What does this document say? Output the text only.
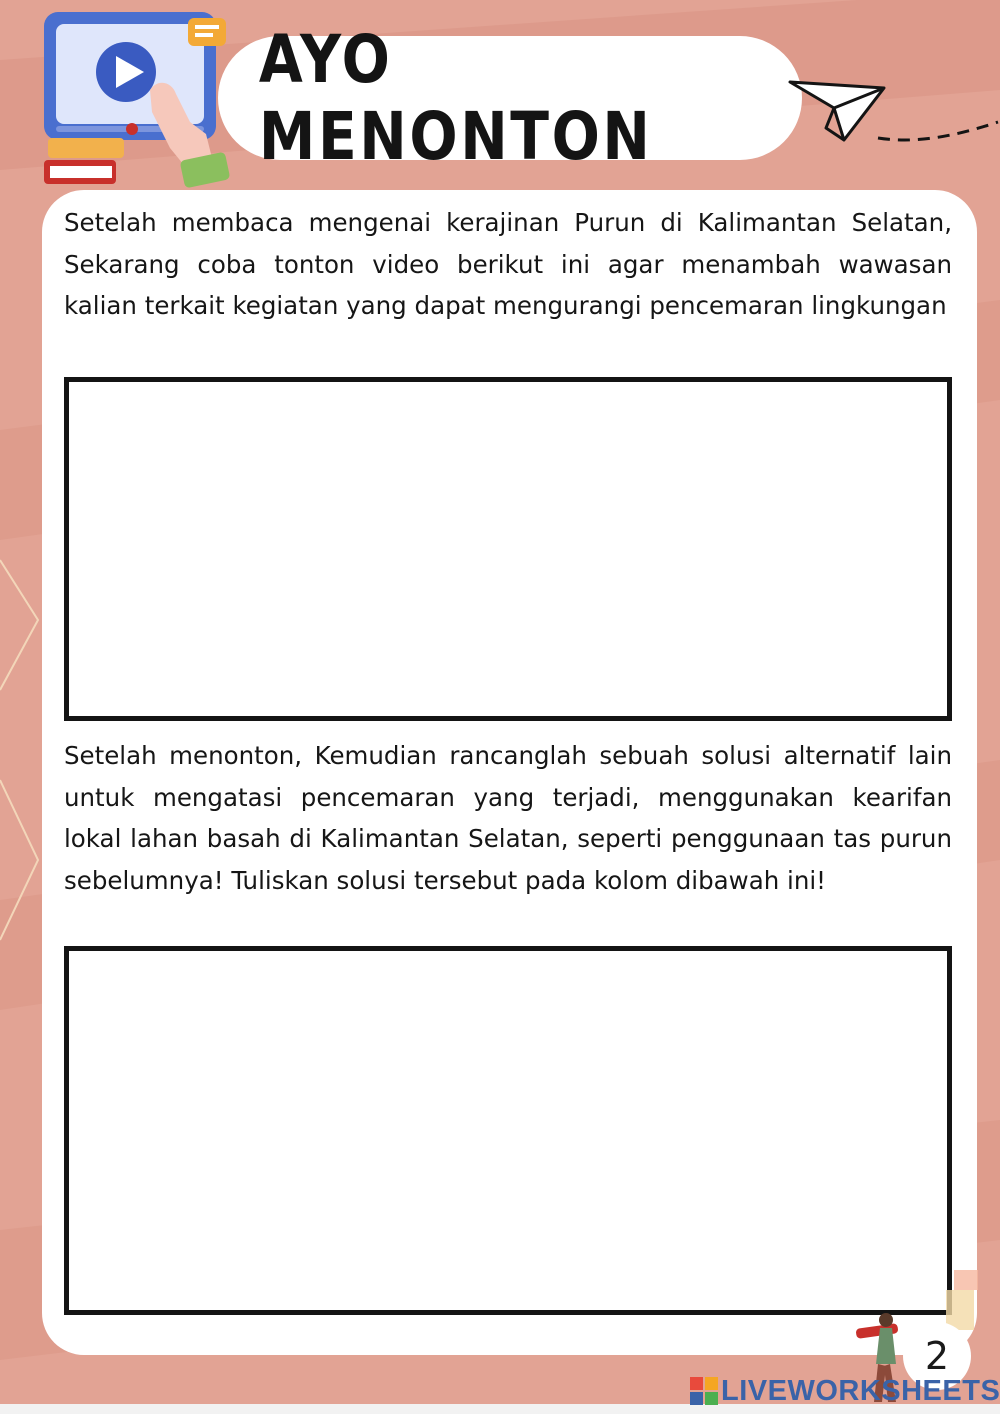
AYO MENONTON

Setelah membaca mengenai kerajinan Purun di Kalimantan Selatan, Sekarang coba tonton video berikut ini agar menambah wawasan kalian terkait kegiatan yang dapat mengurangi pencemaran lingkungan

Setelah menonton, Kemudian rancanglah sebuah solusi alternatif lain untuk mengatasi pencemaran yang terjadi, menggunakan kearifan lokal lahan basah di Kalimantan Selatan, seperti penggunaan tas purun sebelumnya! Tuliskan solusi tersebut pada kolom dibawah ini!

2
LIVEWORKSHEETS
